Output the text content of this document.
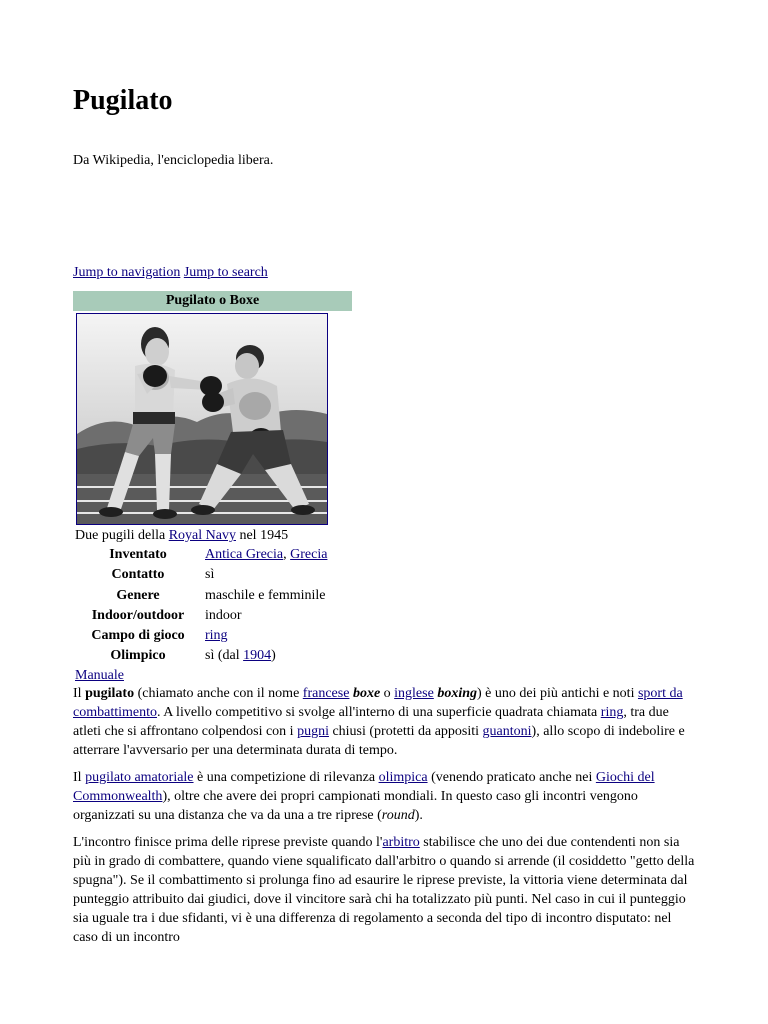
Pugilato
Da Wikipedia, l'enciclopedia libera.
Jump to navigation Jump to search
Pugilato o Boxe
Due pugili della Royal Navy nel 1945
Inventato	Antica Grecia, Grecia
Contatto	sì
Genere	maschile e femminile
Indoor/outdoor	indoor
Campo di gioco	ring
Olimpico	sì (dal 1904)
Manuale

Il pugilato (chiamato anche con il nome francese boxe o inglese boxing) è uno dei più antichi e noti sport da combattimento. A livello competitivo si svolge all'interno di una superficie quadrata chiamata ring, tra due atleti che si affrontano colpendosi con i pugni chiusi (protetti da appositi guantoni), allo scopo di indebolire e atterrare l'avversario per una determinata durata di tempo.

Il pugilato amatoriale è una competizione di rilevanza olimpica (venendo praticato anche nei Giochi del Commonwealth), oltre che avere dei propri campionati mondiali. In questo caso gli incontri vengono organizzati su una distanza che va da una a tre riprese (round).

L'incontro finisce prima delle riprese previste quando l'arbitro stabilisce che uno dei due contendenti non sia più in grado di combattere, quando viene squalificato dall'arbitro o quando si arrende (il cosiddetto "getto della spugna"). Se il combattimento si prolunga fino ad esaurire le riprese previste, la vittoria viene determinata dal punteggio attribuito dai giudici, dove il vincitore sarà chi ha totalizzato più punti. Nel caso in cui il punteggio sia uguale tra i due sfidanti, vi è una differenza di regolamento a seconda del tipo di incontro disputato: nel caso di un incontro
